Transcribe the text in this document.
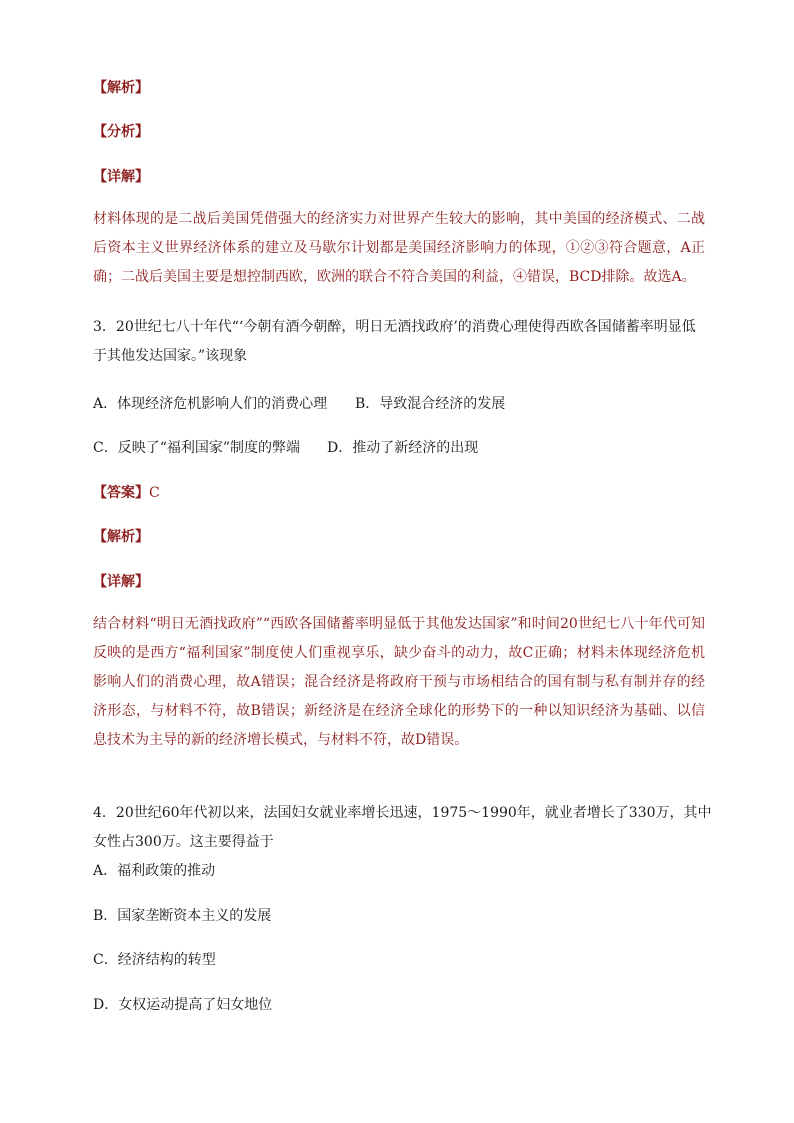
【解析】
【分析】
【详解】
材料体现的是二战后美国凭借强大的经济实力对世界产生较大的影响，其中美国的经济模式、二战后资本主义世界经济体系的建立及马歇尔计划都是美国经济影响力的体现，①②③符合题意，A正确；二战后美国主要是想控制西欧，欧洲的联合不符合美国的利益，④错误，BCD排除。故选A。
3．20世纪七八十年代“‘今朝有酒今朝醉，明日无酒找政府’的消费心理使得西欧各国储蓄率明显低
于其他发达国家。”该现象
A．体现经济危机影响人们的消费心理	B．导致混合经济的发展
C．反映了“福利国家”制度的弊端	D．推动了新经济的出现
【答案】C
【解析】
【详解】
结合材料“明日无酒找政府”“西欧各国储蓄率明显低于其他发达国家”和时间20世纪七八十年代可知反映的是西方“福利国家”制度使人们重视享乐，缺少奋斗的动力，故C正确；材料未体现经济危机影响人们的消费心理，故A错误；混合经济是将政府干预与市场相结合的国有制与私有制并存的经济形态，与材料不符，故B错误；新经济是在经济全球化的形势下的一种以知识经济为基础、以信息技术为主导的新的经济增长模式，与材料不符，故D错误。
4．20世纪60年代初以来，法国妇女就业率增长迅速，1975～1990年，就业者增长了330万，其中
女性占300万。这主要得益于
A．福利政策的推动
B．国家垄断资本主义的发展
C．经济结构的转型
D．女权运动提高了妇女地位
